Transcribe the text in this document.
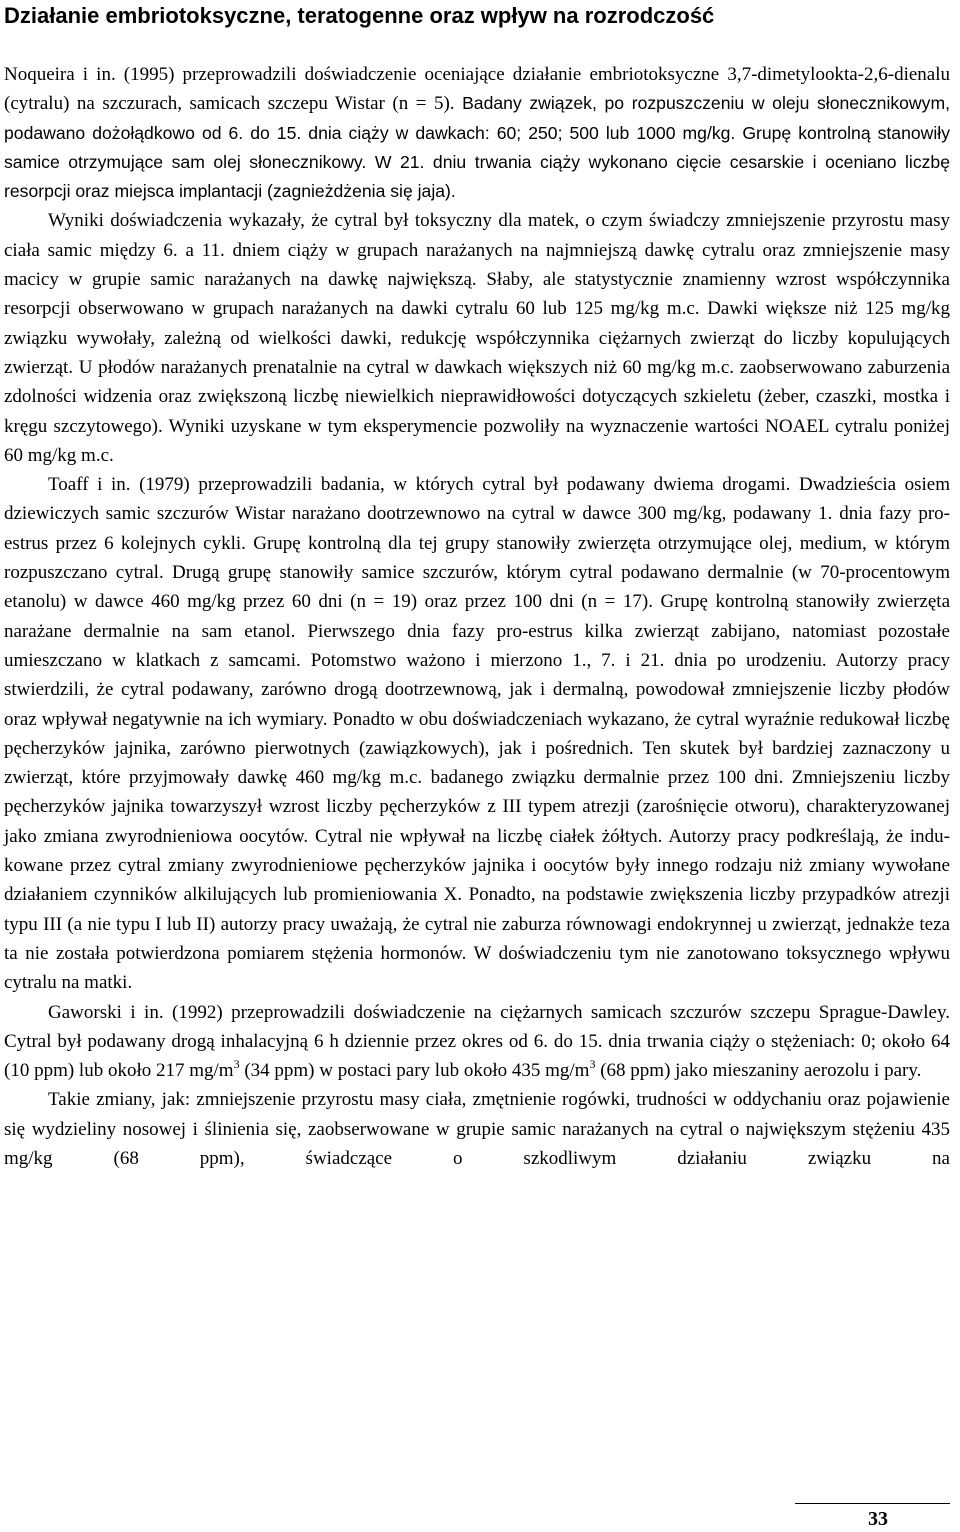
Działanie embriotoksyczne, teratogenne oraz wpływ na rozrodczość

Noqueira i in. (1995) przeprowadzili doświadczenie oceniające działanie embriotoksyczne 3,7-dimetylookta-2,6-dienalu (cytralu) na szczurach, samicach szczepu Wistar (n = 5). Badany związek, po rozpuszczeniu w oleju słonecznikowym, podawano dożołądkowo od 6. do 15. dnia ciąży w dawkach: 60; 250; 500 lub 1000 mg/kg. Grupę kontrolną stanowiły samice otrzymujące sam olej słonecznikowy. W 21. dniu trwania ciąży wykonano cięcie cesarskie i oceniano liczbę resorpcji oraz miejsca implantacji (zagnieżdżenia się jaja).

Wyniki doświadczenia wykazały, że cytral był toksyczny dla matek, o czym świadczy zmniejszenie przyrostu masy ciała samic między 6. a 11. dniem ciąży w grupach narażanych na najmniejszą dawkę cytralu oraz zmniejszenie masy macicy w grupie samic narażanych na dawkę największą. Słaby, ale statystycznie znamienny wzrost współczynnika resorpcji obserwowano w grupach narażanych na dawki cytralu 60 lub 125 mg/kg m.c. Dawki większe niż 125 mg/kg związku wywołały, zależną od wielkości dawki, redukcję współczynnika ciężarnych zwierząt do liczby kopulujących zwierząt. U płodów narażanych prenatalnie na cytral w dawkach większych niż 60 mg/kg m.c. zaobserwowano zaburzenia zdolności widzenia oraz zwiększoną liczbę niewielkich nieprawidłowości dotyczących szkieletu (żeber, czaszki, mostka i kręgu szczytowego). Wyniki uzyskane w tym eksperymencie pozwoliły na wyznaczenie wartości NOAEL cytralu poniżej 60 mg/kg m.c.

Toaff i in. (1979) przeprowadzili badania, w których cytral był podawany dwiema drogami. Dwadzieścia osiem dziewiczych samic szczurów Wistar narażano dootrzewnowo na cytral w dawce 300 mg/kg, podawany 1. dnia fazy pro-estrus przez 6 kolejnych cykli. Grupę kontrolną dla tej grupy stanowiły zwierzęta otrzymujące olej, medium, w którym rozpuszczano cytral. Drugą grupę stanowiły samice szczurów, którym cytral podawano dermalnie (w 70-procentowym etanolu) w dawce 460 mg/kg przez 60 dni (n = 19) oraz przez 100 dni (n = 17). Grupę kontrolną stanowiły zwierzęta narażane dermalnie na sam etanol. Pierwszego dnia fazy pro-estrus kilka zwierząt zabijano, natomiast pozostałe umieszczano w klatkach z samcami. Potomstwo ważono i mierzono 1., 7. i 21. dnia po urodzeniu. Autorzy pracy stwierdzili, że cytral podawany, zarówno drogą dootrzewnową, jak i dermalną, powodował zmniejszenie liczby płodów oraz wpływał negatywnie na ich wymiary. Ponadto w obu doświadczeniach wykazano, że cytral wyraźnie redukował liczbę pęcherzyków jajnika, zarówno pierwotnych (zawiązkowych), jak i pośrednich. Ten skutek był bardziej zaznaczony u zwierząt, które przyjmowały dawkę 460 mg/kg m.c. badanego związku dermalnie przez 100 dni. Zmniejszeniu liczby pęcherzyków jajnika towarzyszył wzrost liczby pęcherzyków z III typem atrezji (zarośnięcie otworu), charakteryzowanej jako zmiana zwyrodnieniowa oocytów. Cytral nie wpływał na liczbę ciałek żółtych. Autorzy pracy podkreślają, że indukowane przez cytral zmiany zwyrodnieniowe pęcherzyków jajnika i oocytów były innego rodzaju niż zmiany wywołane działaniem czynników alkilujących lub promieniowania X. Ponadto, na podstawie zwiększenia liczby przypadków atrezji typu III (a nie typu I lub II) autorzy pracy uważają, że cytral nie zaburza równowagi endokrynnej u zwierząt, jednakże teza ta nie została potwierdzona pomiarem stężenia hormonów. W doświadczeniu tym nie zanotowano toksycznego wpływu cytralu na matki.

Gaworski i in. (1992) przeprowadzili doświadczenie na ciężarnych samicach szczurów szczepu Sprague-Dawley. Cytral był podawany drogą inhalacyjną 6 h dziennie przez okres od 6. do 15. dnia trwania ciąży o stężeniach: 0; około 64 (10 ppm) lub około 217 $mg/m^3$ (34 ppm) w postaci pary lub około 435 $mg/m^3$ (68 ppm) jako mieszaniny aerozolu i pary.

Takie zmiany, jak: zmniejszenie przyrostu masy ciała, zmętnienie rogówki, trudności w oddychaniu oraz pojawienie się wydzieliny nosowej i ślinienia się, zaobserwowane w grupie samic narażanych na cytral o największym stężeniu 435 mg/kg (68 ppm), świadczące o szkodliwym działaniu związku na

33
